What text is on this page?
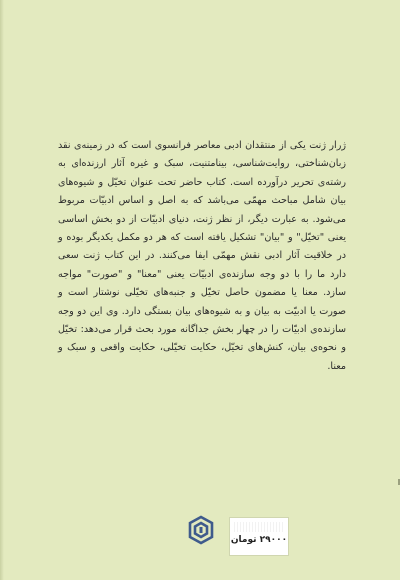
ژرار ژنت یکی از منتقدان ادبی معاصر فرانسوی است که در زمینه‌ی نقد زبان‌شناختی، روایت‌شناسی، بینامتنیت، سبک و غیره آثار ارزنده‌ای به رشته‌ی تحریر درآورده است. کتاب حاضر تحت عنوان تخیّل و شیوه‌های بیان شامل مباحث مهمّی می‌باشد که به اصل و اساس ادبیّات مربوط می‌شود. به عبارت دیگر، از نظر ژنت، دنیای ادبیّات از دو بخش اساسی یعنی "تخیّل" و "بیان" تشکیل یافته است که هر دو مکمل یکدیگر بوده و در خلاقیت آثار ادبی نقش مهمّی ایفا می‌کنند. در این کتاب ژنت سعی دارد ما را با دو وجه سازنده‌ی ادبیّات یعنی "معنا" و "صورت" مواجه سازد. معنا یا مضمون حاصل تخیّل و جنبه‌های تخیّلی نوشتار است و صورت یا ادبیّت به بیان و به شیوه‌های بیان بستگی دارد. وی این دو وجه سازنده‌ی ادبیّات را در چهار بخش جداگانه مورد بحث قرار می‌دهد: تخیّل و نحوه‌ی بیان، کنش‌های تخیّل، حکایت تخیّلی، حکایت واقعی و سبک و معنا.

۲۹۰۰۰ تومان
